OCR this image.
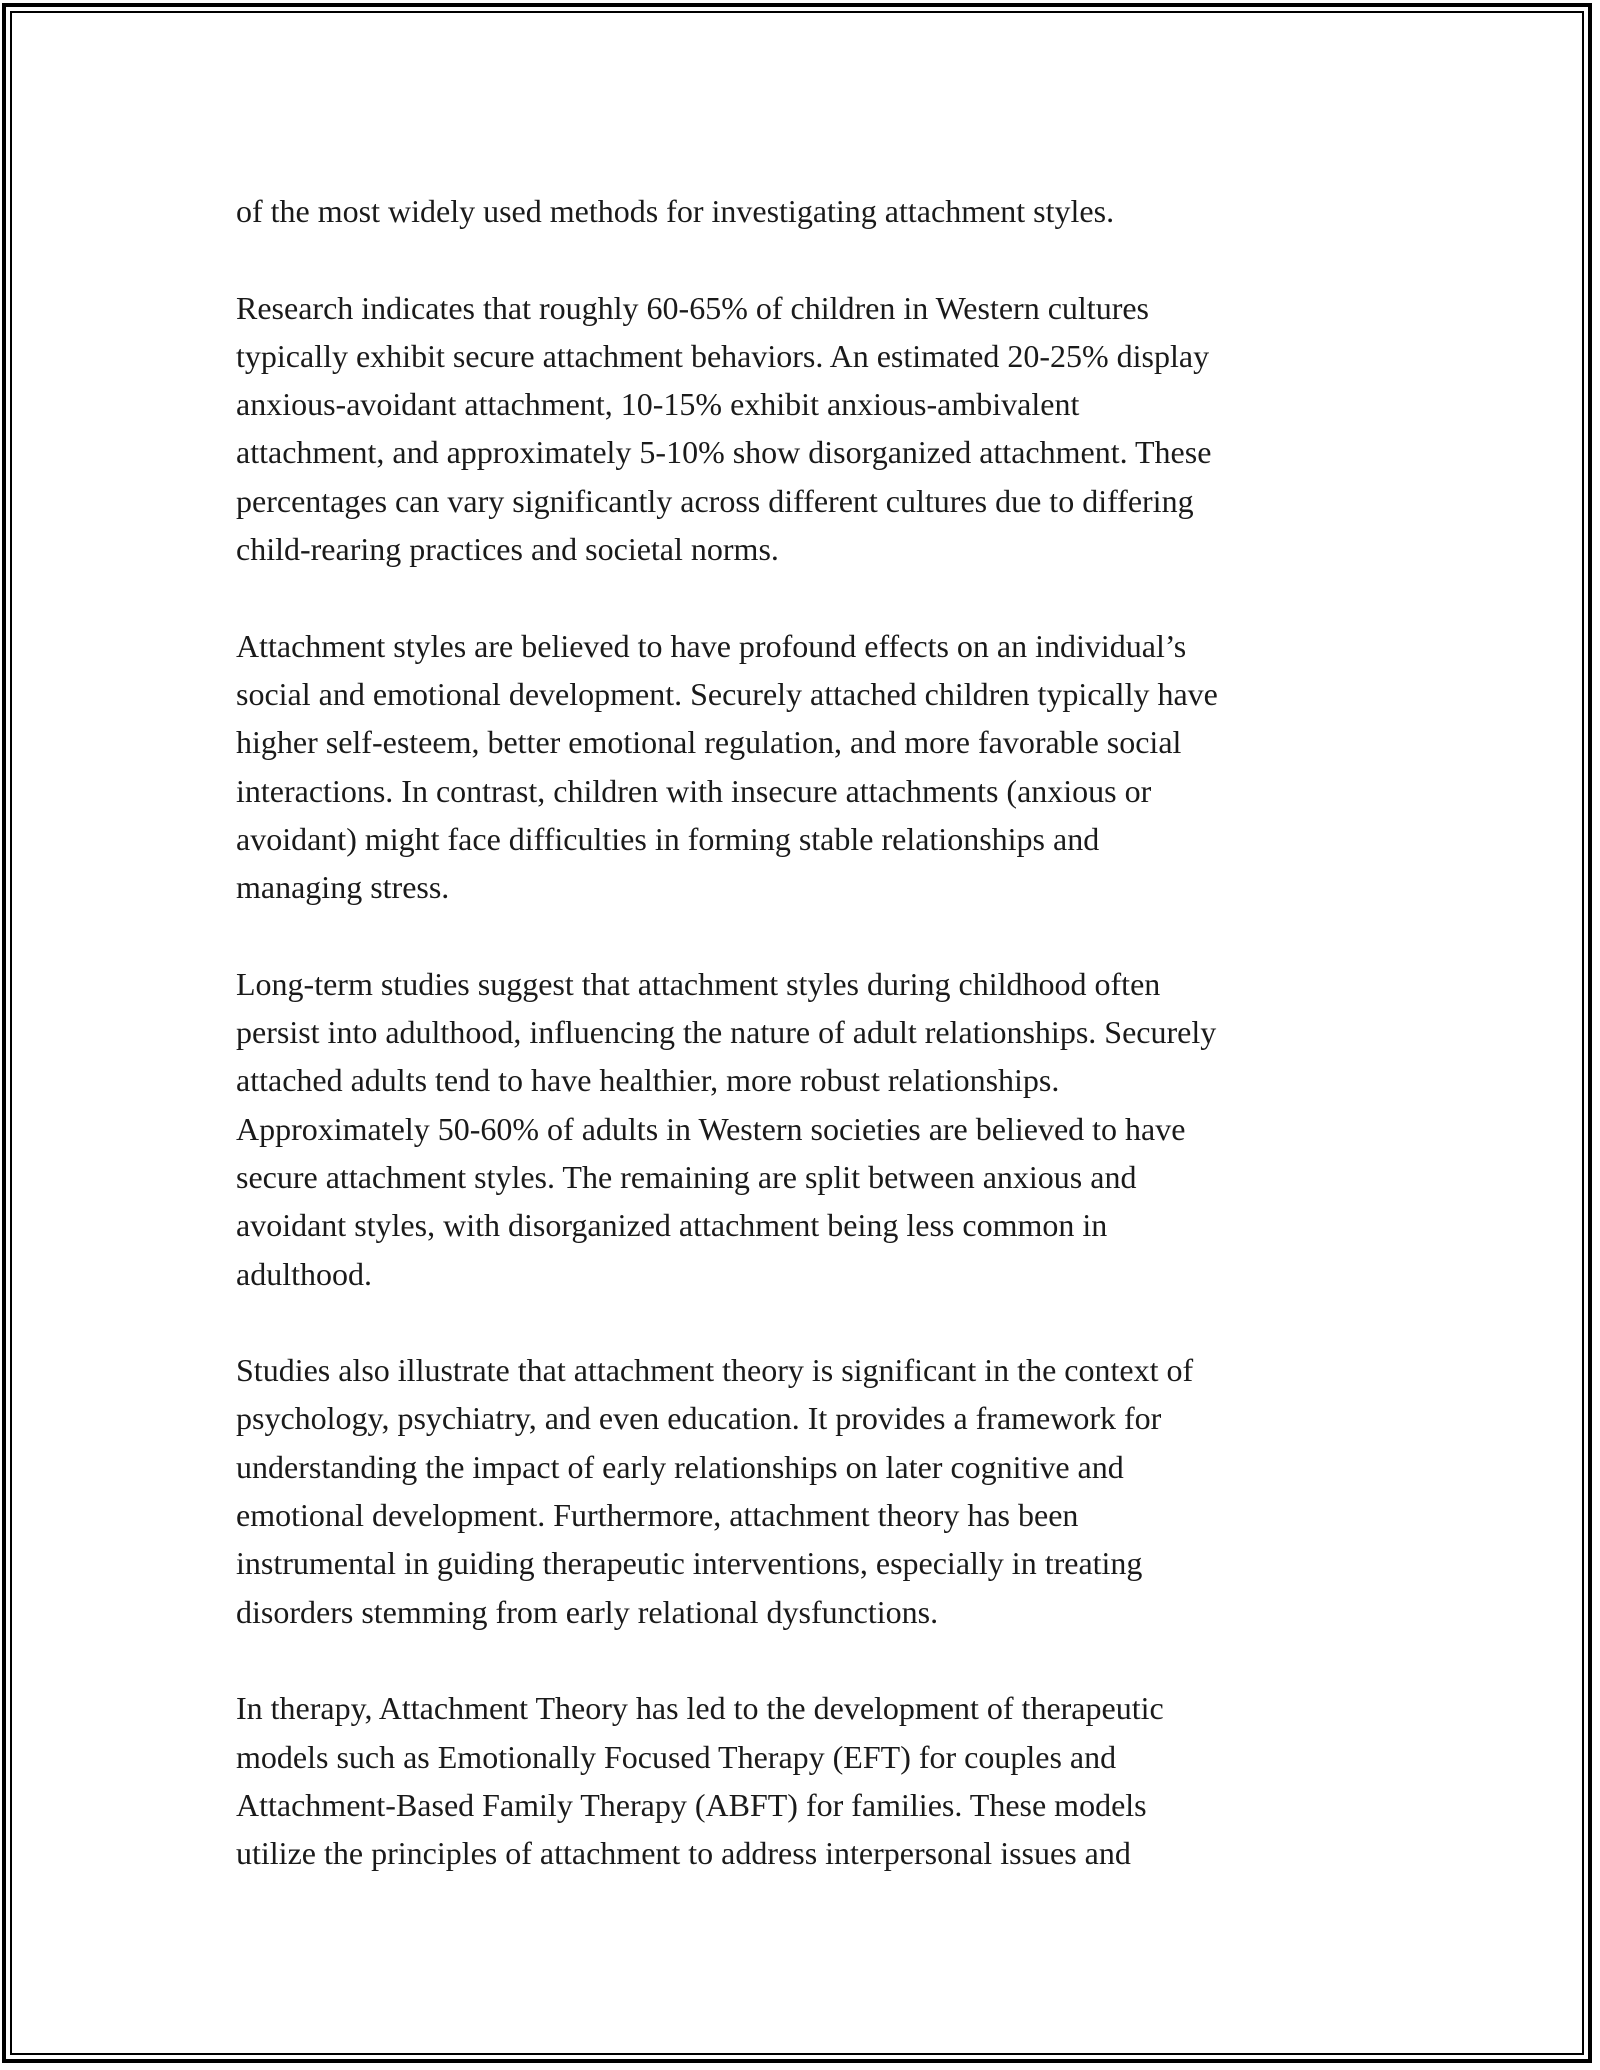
of the most widely used methods for investigating attachment styles.

Research indicates that roughly 60-65% of children in Western cultures
typically exhibit secure attachment behaviors. An estimated 20-25% display
anxious-avoidant attachment, 10-15% exhibit anxious-ambivalent
attachment, and approximately 5-10% show disorganized attachment. These
percentages can vary significantly across different cultures due to differing
child-rearing practices and societal norms.

Attachment styles are believed to have profound effects on an individual’s
social and emotional development. Securely attached children typically have
higher self-esteem, better emotional regulation, and more favorable social
interactions. In contrast, children with insecure attachments (anxious or
avoidant) might face difficulties in forming stable relationships and
managing stress.

Long-term studies suggest that attachment styles during childhood often
persist into adulthood, influencing the nature of adult relationships. Securely
attached adults tend to have healthier, more robust relationships.
Approximately 50-60% of adults in Western societies are believed to have
secure attachment styles. The remaining are split between anxious and
avoidant styles, with disorganized attachment being less common in
adulthood.

Studies also illustrate that attachment theory is significant in the context of
psychology, psychiatry, and even education. It provides a framework for
understanding the impact of early relationships on later cognitive and
emotional development. Furthermore, attachment theory has been
instrumental in guiding therapeutic interventions, especially in treating
disorders stemming from early relational dysfunctions.

In therapy, Attachment Theory has led to the development of therapeutic
models such as Emotionally Focused Therapy (EFT) for couples and
Attachment-Based Family Therapy (ABFT) for families. These models
utilize the principles of attachment to address interpersonal issues and
